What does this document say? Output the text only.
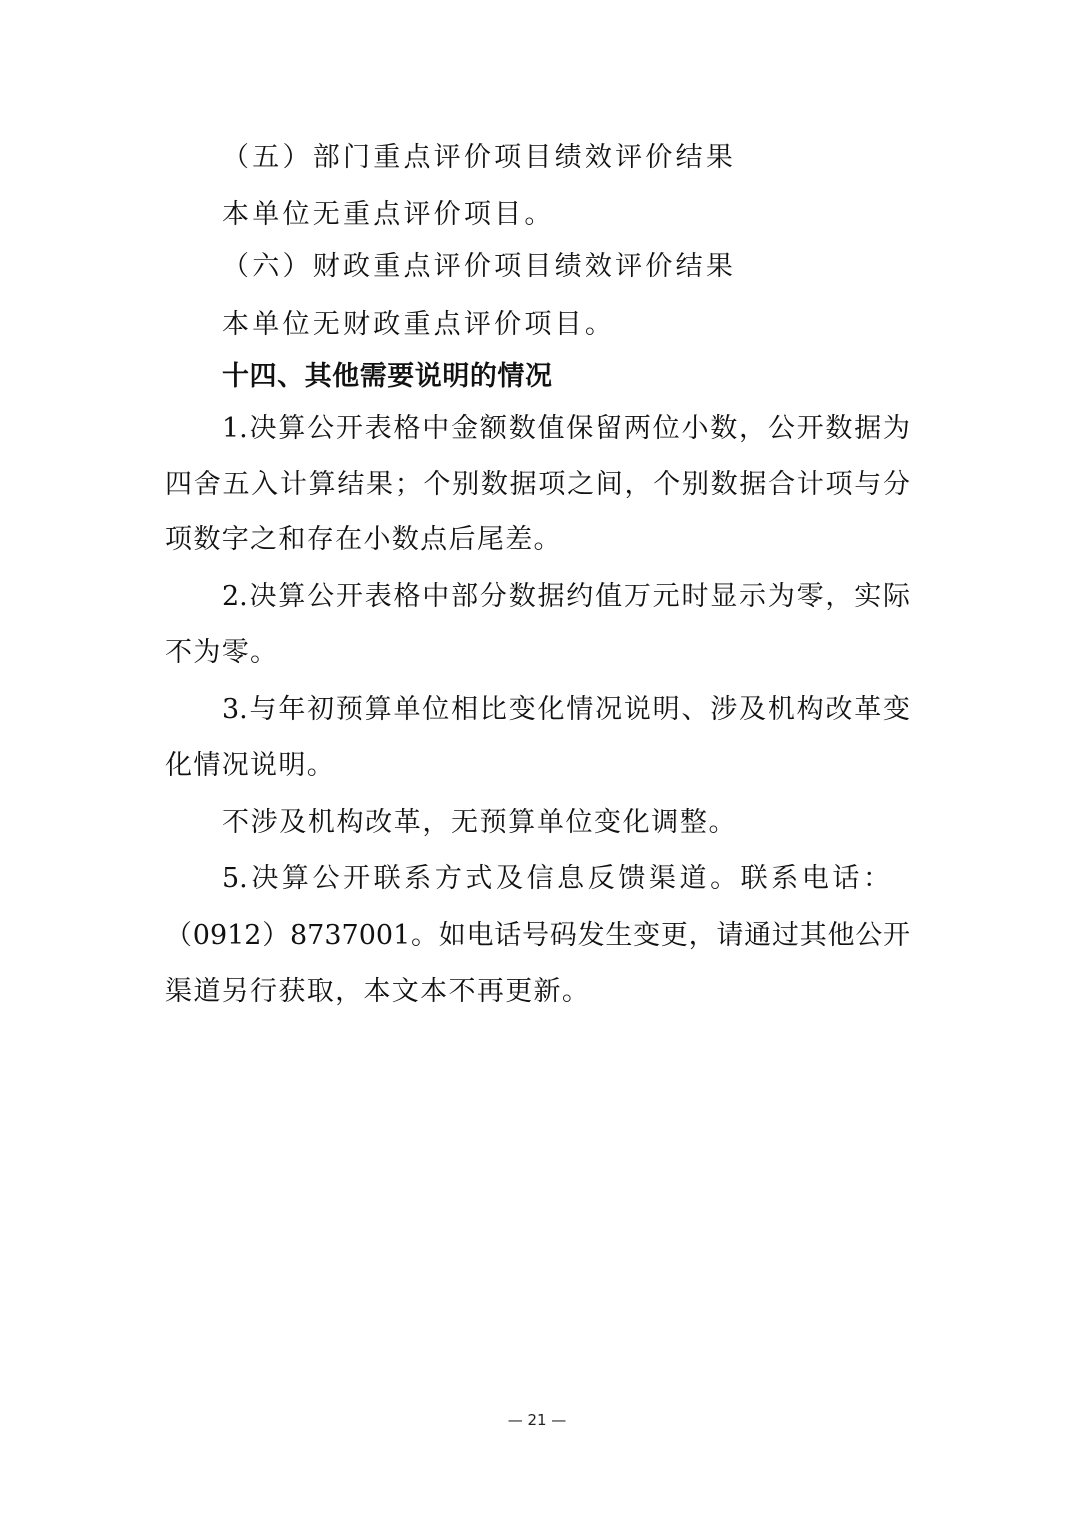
（五）部门重点评价项目绩效评价结果

本单位无重点评价项目。

（六）财政重点评价项目绩效评价结果

本单位无财政重点评价项目。

十四、其他需要说明的情况

1.决算公开表格中金额数值保留两位小数，公开数据为

四舍五入计算结果；个别数据项之间，个别数据合计项与分

项数字之和存在小数点后尾差。

2.决算公开表格中部分数据约值万元时显示为零，实际

不为零。

3.与年初预算单位相比变化情况说明、涉及机构改革变

化情况说明。

不涉及机构改革，无预算单位变化调整。

5.决算公开联系方式及信息反馈渠道。联系电话：

（0912）8737001。如电话号码发生变更，请通过其他公开

渠道另行获取，本文本不再更新。

— 21 —
